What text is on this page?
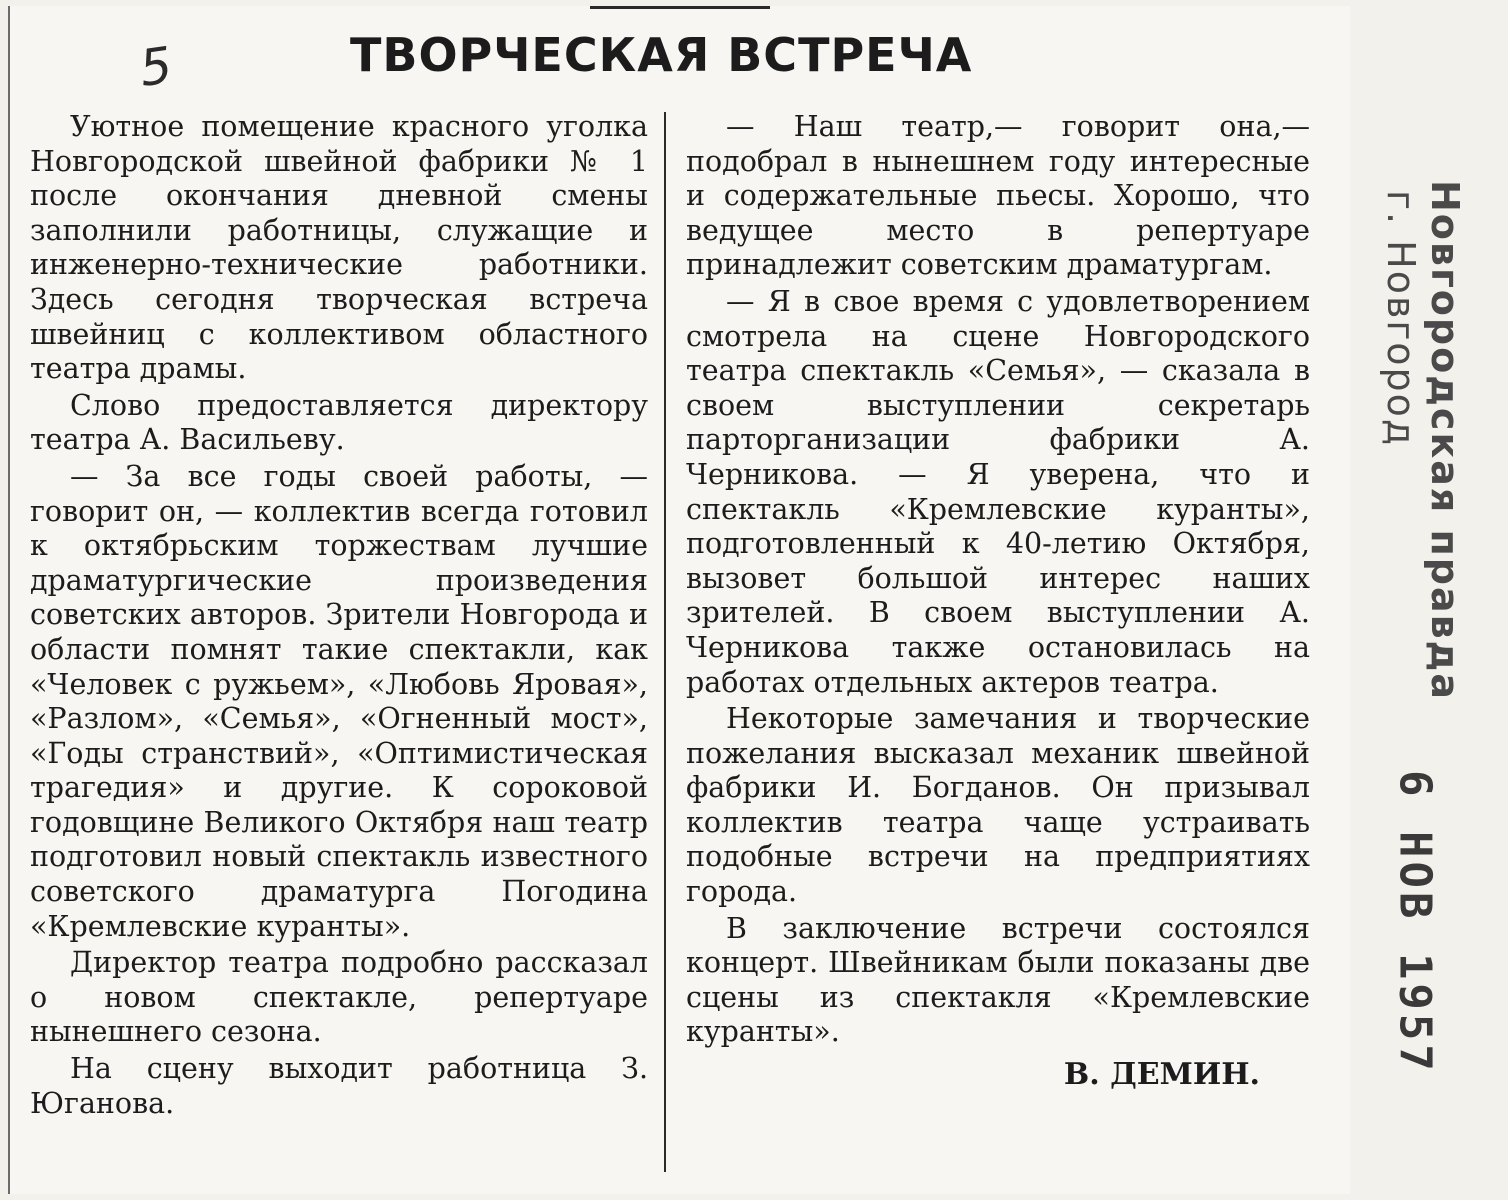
5	ТВОРЧЕСКАЯ ВСТРЕЧА

Уютное помещение красного уголка Новгородской швейной фабрики № 1 после окончания дневной смены заполнили работницы, служащие и инженерно-технические работники. Здесь сегодня творческая встреча швейниц с коллективом областного театра драмы.

Слово предоставляется директору театра А. Васильеву.

— За все годы своей работы, — говорит он, — коллектив всегда готовил к октябрьским торжествам лучшие драматургические произведения советских авторов. Зрители Новгорода и области помнят такие спектакли, как «Человек с ружьем», «Любовь Яровая», «Разлом», «Семья», «Огненный мост», «Годы странствий», «Оптимистическая трагедия» и другие. К сороковой годовщине Великого Октября наш театр подготовил новый спектакль известного советского драматурга Погодина «Кремлевские куранты».

Директор театра подробно рассказал о новом спектакле, репертуаре нынешнего сезона.

На сцену выходит работница З. Юганова.

— Наш театр,— говорит она,— подобрал в нынешнем году интересные и содержательные пьесы. Хорошо, что ведущее место в репертуаре принадлежит советским драматургам.

— Я в свое время с удовлетворением смотрела на сцене Новгородского театра спектакль «Семья», — сказала в своем выступлении секретарь парторганизации фабрики А. Черникова. — Я уверена, что и спектакль «Кремлевские куранты», подготовленный к 40-летию Октября, вызовет большой интерес наших зрителей. В своем выступлении А. Черникова также остановилась на работах отдельных актеров театра.

Некоторые замечания и творческие пожелания высказал механик швейной фабрики И. Богданов. Он призывал коллектив театра чаще устраивать подобные встречи на предприятиях города.

В заключение встречи состоялся концерт. Швейникам были показаны две сцены из спектакля «Кремлевские куранты».

В. ДЕМИН.
Новгородская правда
г. Новгород
6 НОВ 1957
